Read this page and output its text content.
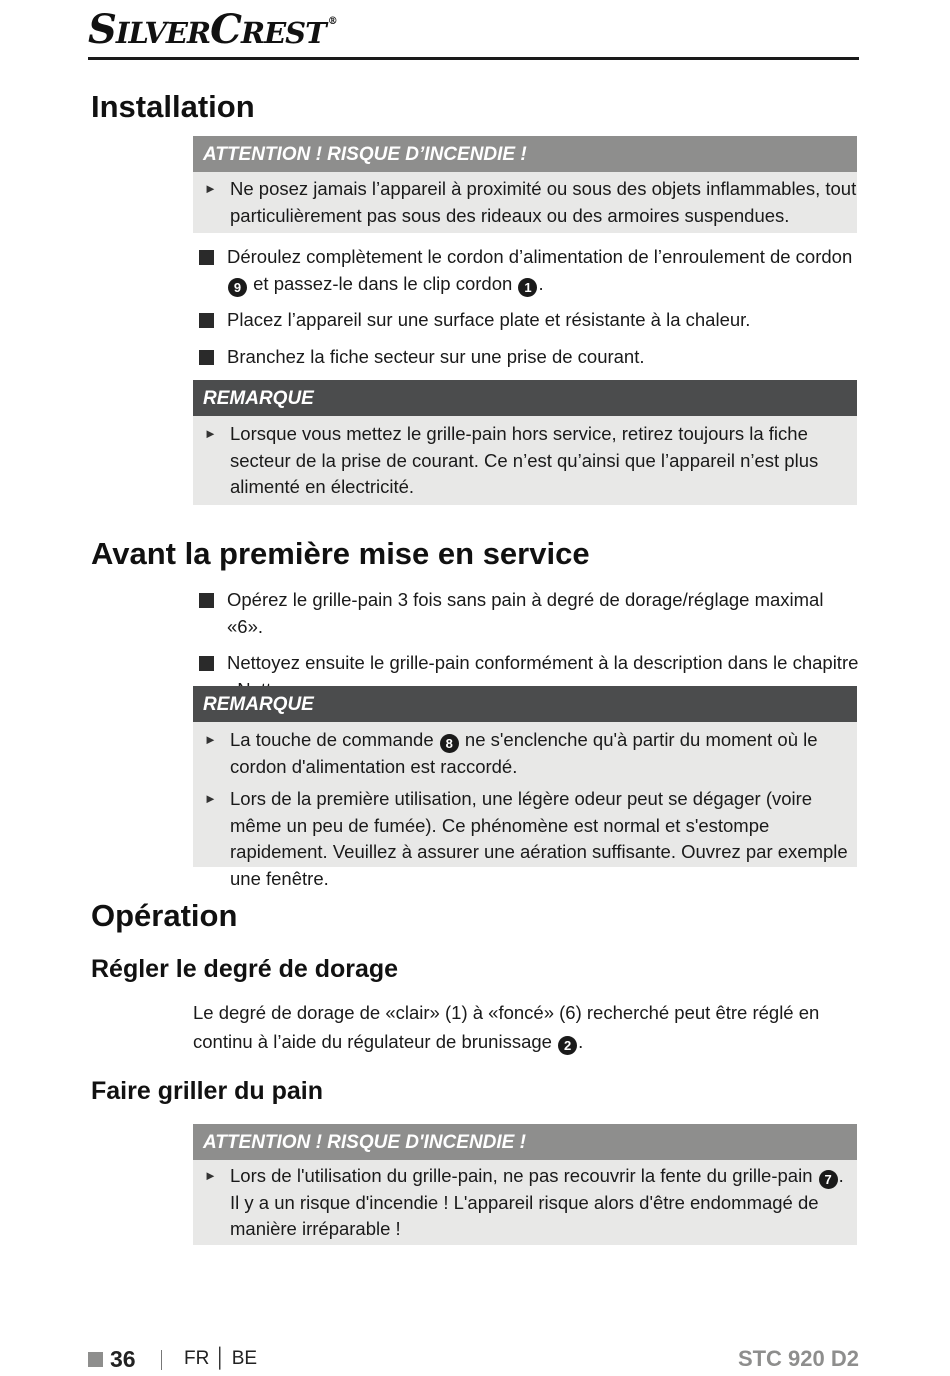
SILVERCREST ®
Installation
ATTENTION ! RISQUE D’INCENDIE !
► Ne posez jamais l’appareil à proximité ou sous des objets inflammables, tout particulièrement pas sous des rideaux ou des armoires suspendues.
Déroulez complètement le cordon d’alimentation de l’enroulement de cordon 9 et passez-le dans le clip cordon 1 .
Placez l’appareil sur une surface plate et résistante à la chaleur.
Branchez la fiche secteur sur une prise de courant.
REMARQUE
► Lorsque vous mettez le grille-pain hors service, retirez toujours la fiche secteur de la prise de courant. Ce n’est qu’ainsi que l’appareil n’est plus alimenté en électricité.
Avant la première mise en service
Opérez le grille-pain 3 fois sans pain à degré de dorage/réglage maximal «6».
Nettoyez ensuite le grille-pain conformément à la description dans le chapitre
REMARQUE
► La touche de commande 8 ne s'enclenche qu'à partir du moment où le cordon d'alimentation est raccordé.
► Lors de la première utilisation, une légère odeur peut se dégager (voire même un peu de fumée). Ce phénomène est normal et s'estompe rapidement. Veuillez à assurer une aération suffisante. Ouvrez par exemple une fenêtre.
Opération
Régler le degré de dorage
Le degré de dorage de «clair» (1) à «foncé» (6) recherché peut être réglé en continu à l’aide du régulateur de brunissage 2 .
Faire griller du pain
ATTENTION ! RISQUE D'INCENDIE !
► Lors de l'utilisation du grille-pain, ne pas recouvrir la fente du grille-pain 7 . Il y a un risque d'incendie ! L'appareil risque alors d'être endommagé de manière irréparable !
36	FR │ BE	STC 920 D2
